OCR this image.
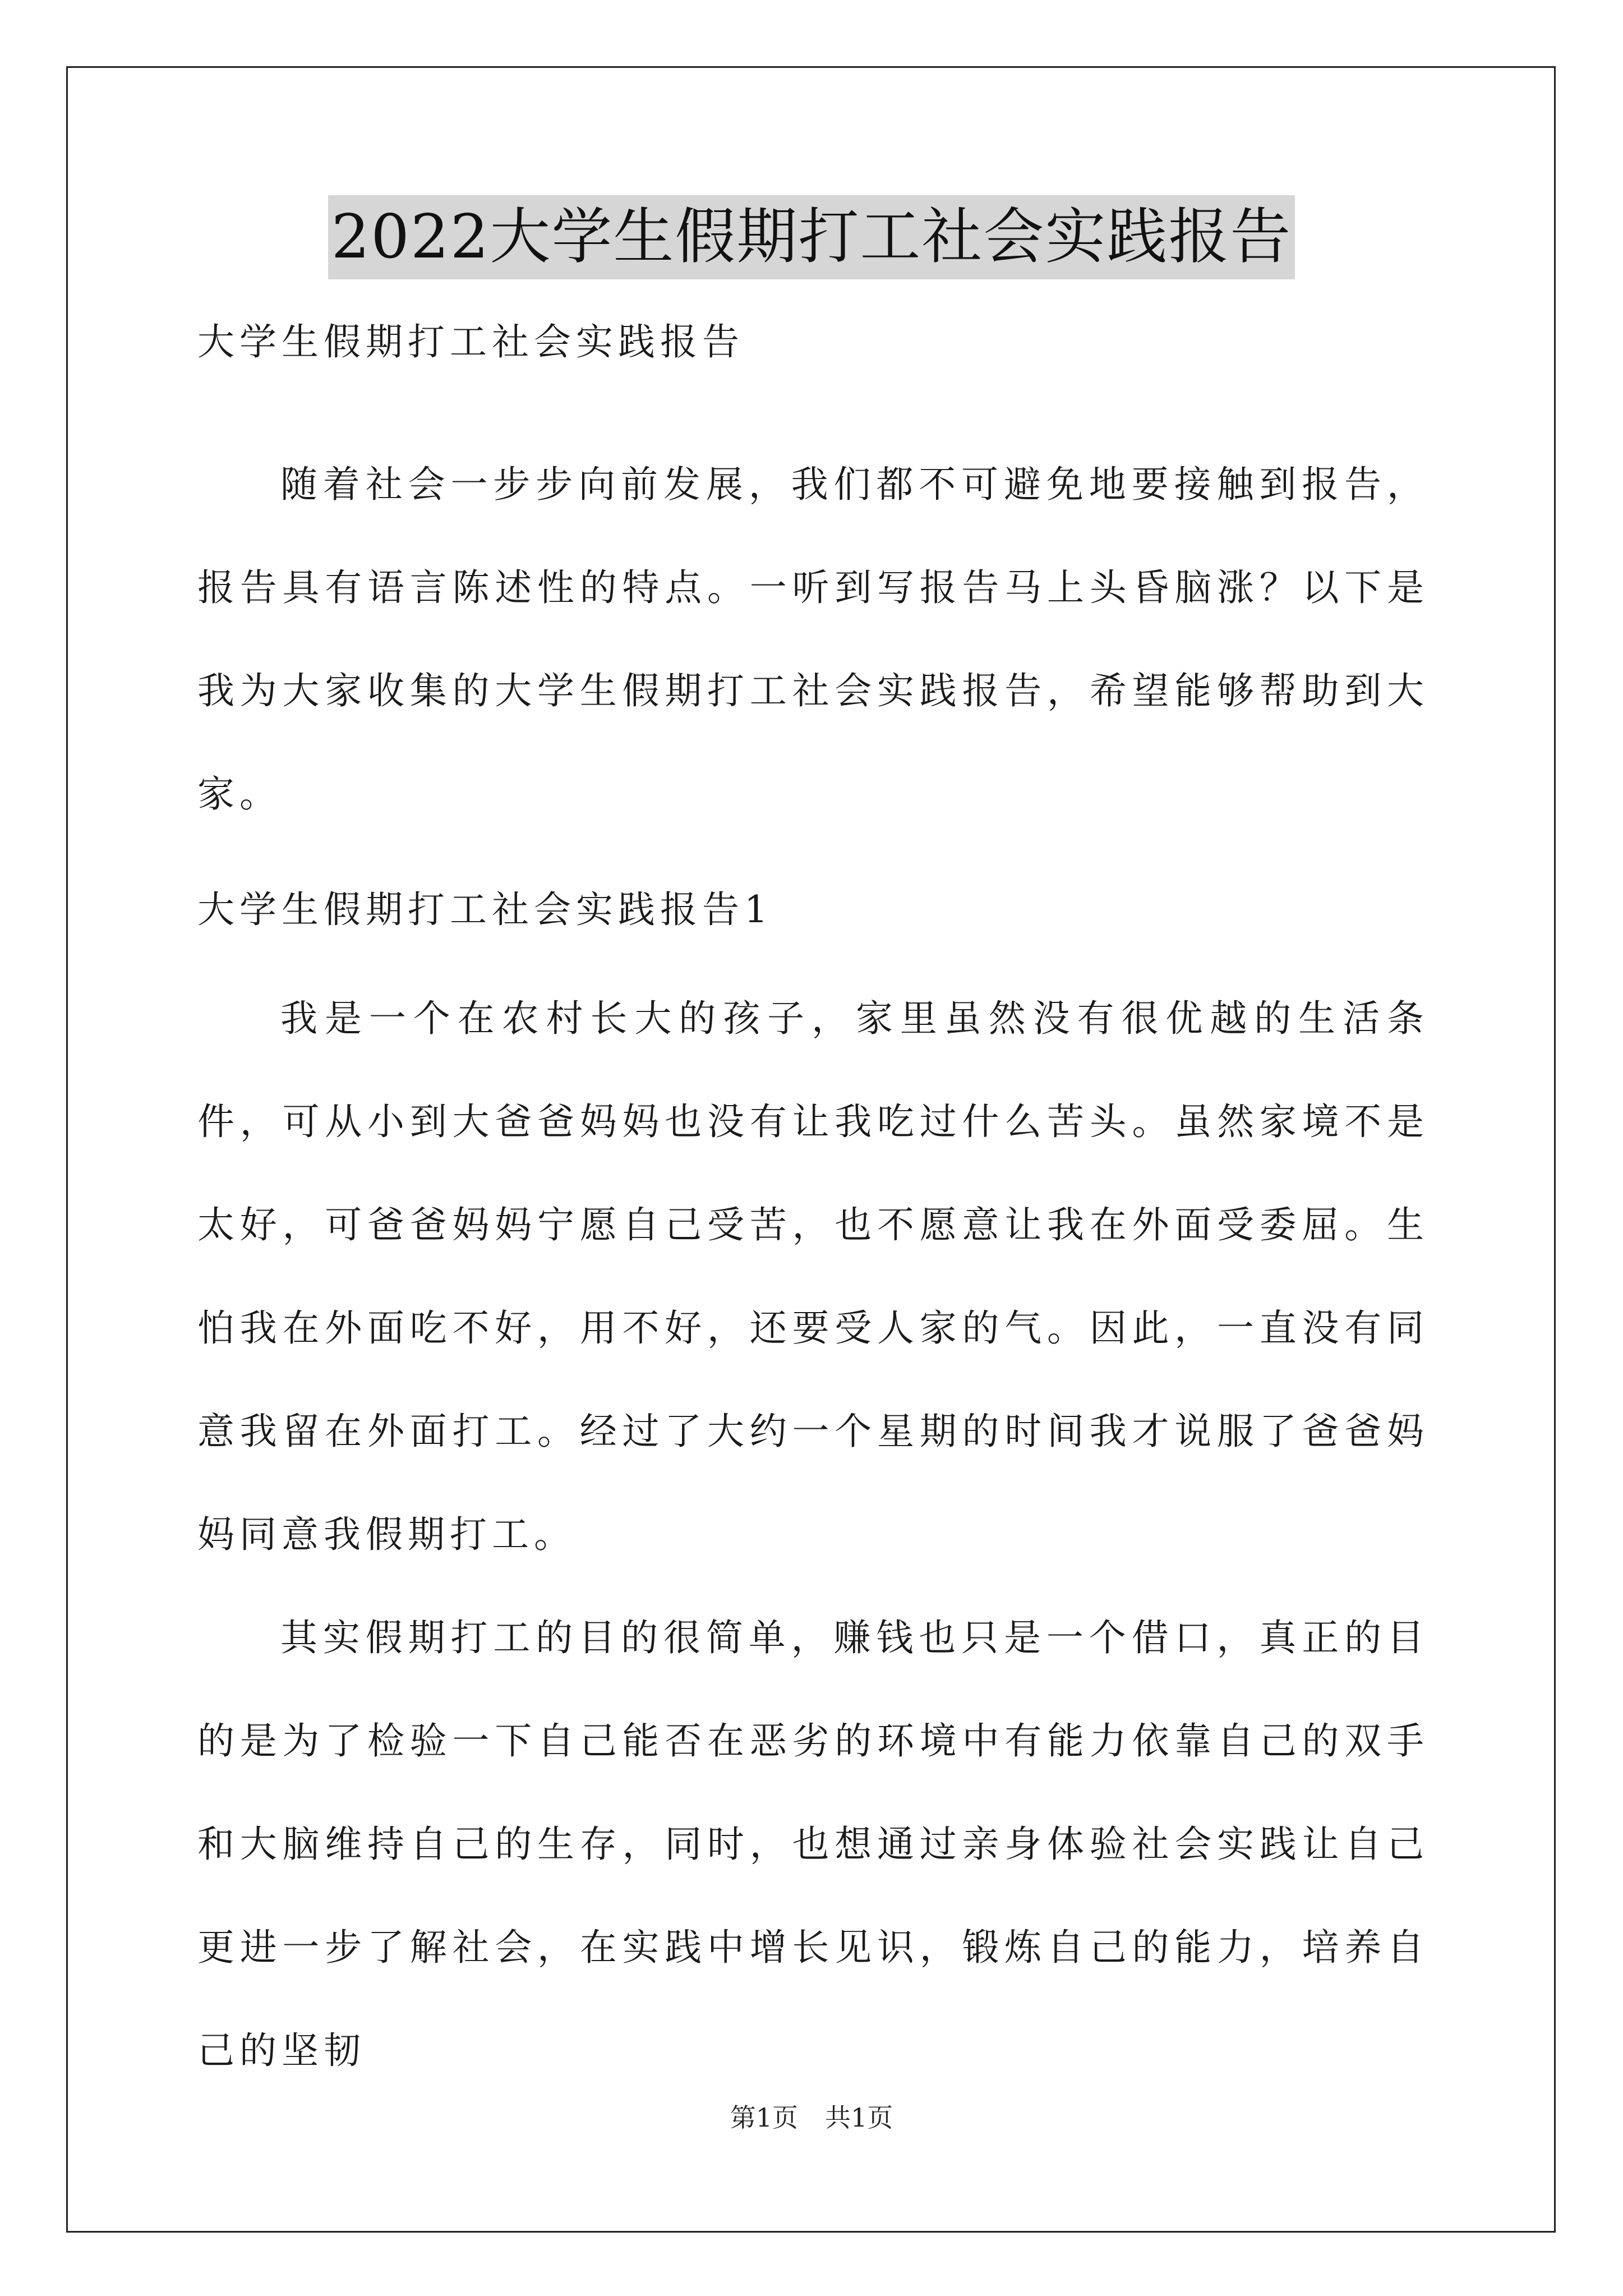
2022大学生假期打工社会实践报告
大学生假期打工社会实践报告
随着社会一步步向前发展，我们都不可避免地要接触到报告，报告具有语言陈述性的特点。一听到写报告马上头昏脑涨？以下是我为大家收集的大学生假期打工社会实践报告，希望能够帮助到大家。
大学生假期打工社会实践报告1
我是一个在农村长大的孩子，家里虽然没有很优越的生活条件，可从小到大爸爸妈妈也没有让我吃过什么苦头。虽然家境不是太好，可爸爸妈妈宁愿自己受苦，也不愿意让我在外面受委屈。生怕我在外面吃不好，用不好，还要受人家的气。因此，一直没有同意我留在外面打工。经过了大约一个星期的时间我才说服了爸爸妈妈同意我假期打工。
其实假期打工的目的很简单，赚钱也只是一个借口，真正的目的是为了检验一下自己能否在恶劣的环境中有能力依靠自己的双手和大脑维持自己的生存，同时，也想通过亲身体验社会实践让自己更进一步了解社会，在实践中增长见识，锻炼自己的能力，培养自己的坚韧
第1页 共1页
